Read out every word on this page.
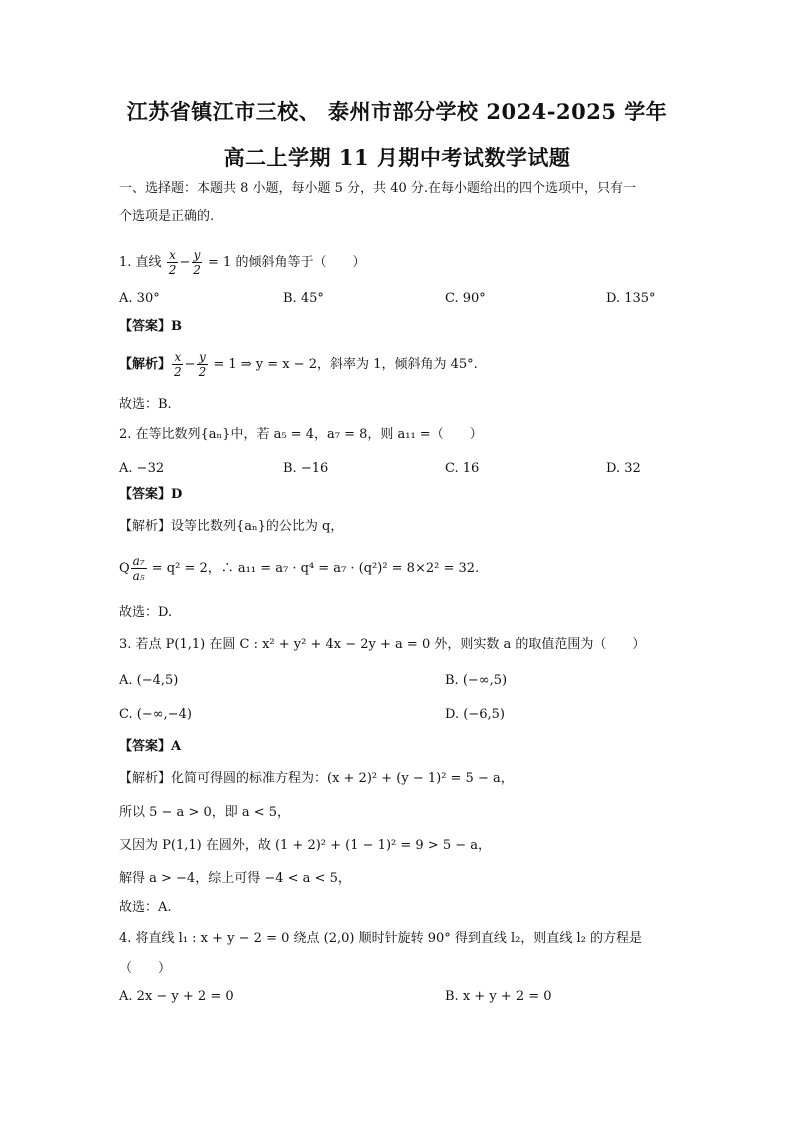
江苏省镇江市三校、 泰州市部分学校 2024-2025 学年
高二上学期 11 月期中考试数学试题
一、选择题：本题共 8 小题，每小题 5 分，共 40 分.在每小题给出的四个选项中，只有一
个选项是正确的.
1. 直线 $\frac{x}{2} - \frac{y}{2} = 1$ 的倾斜角等于（　　）
A. 30°	B. 45°	C. 90°	D. 135°
【答案】B
【解析】 $\frac{x}{2} - \frac{y}{2} = 1$ ⇒ y = x − 2，斜率为 1，倾斜角为 45°.
故选：B.
2. 在等比数列{aₙ}中，若 a₅ = 4，a₇ = 8，则 a₁₁ =（　　）
A. −32	B. −16	C. 16	D. 32
【答案】D
【解析】设等比数列{aₙ}的公比为 q，
Q $\frac{\text{a₇}}{\text{a₅}} = q^2 = 2$，∴ a₁₁ = a₇ · q⁴ = a₇ · (q²)² = 8×2² = 32.
故选：D.
3. 若点 P(1,1) 在圆 C : x² + y² + 4x − 2y + a = 0 外，则实数 a 的取值范围为（　　）
A. (−4,5)	B. (−∞,5)
C. (−∞,−4)	D. (−6,5)
【答案】A
【解析】化简可得圆的标准方程为：(x + 2)² + (y − 1)² = 5 − a，
所以 5 − a > 0，即 a < 5，
又因为 P(1,1) 在圆外，故 (1 + 2)² + (1 − 1)² = 9 > 5 − a，
解得 a > −4，综上可得 −4 < a < 5，
故选：A.
4. 将直线 l₁ : x + y − 2 = 0 绕点 (2,0) 顺时针旋转 90° 得到直线 l₂，则直线 l₂ 的方程是
（　　）
A. 2x − y + 2 = 0	B. x + y + 2 = 0
